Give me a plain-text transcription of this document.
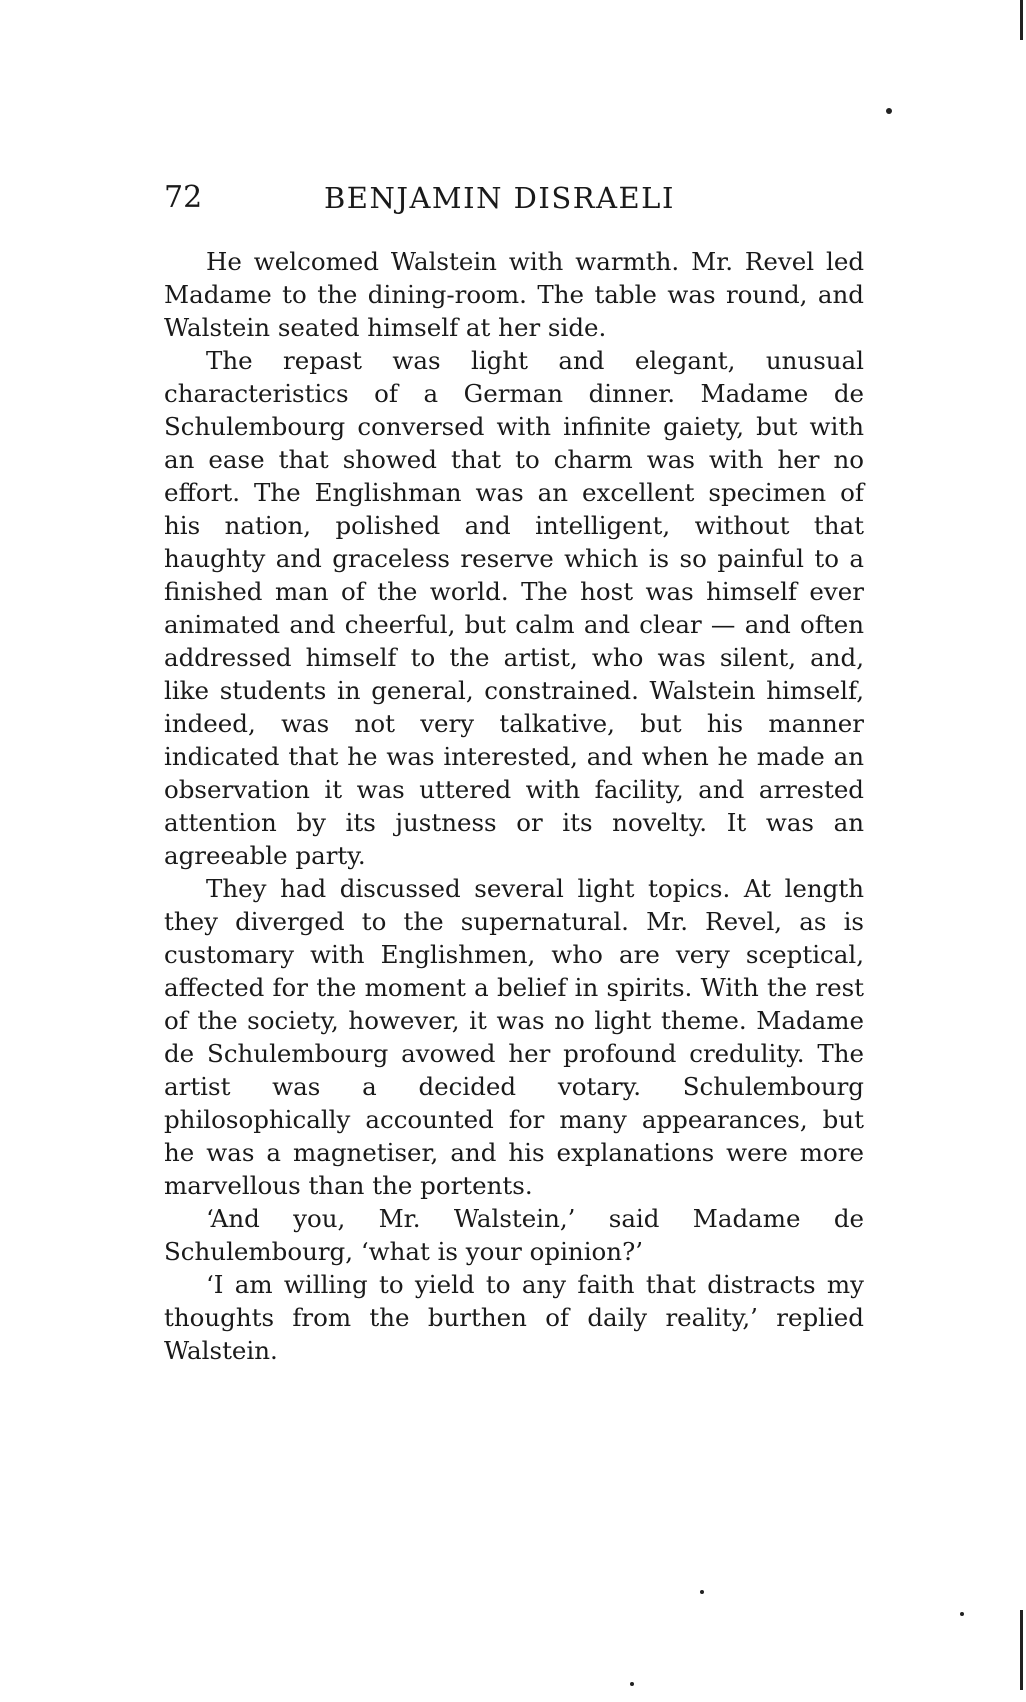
72	BENJAMIN DISRAELI

He welcomed Walstein with warmth. Mr. Revel led Madame to the dining-room. The table was round, and Walstein seated himself at her side.

The repast was light and elegant, unusual characteristics of a German dinner. Madame de Schulembourg conversed with infinite gaiety, but with an ease that showed that to charm was with her no effort. The Englishman was an excellent specimen of his nation, polished and intelligent, without that haughty and graceless reserve which is so painful to a finished man of the world. The host was himself ever animated and cheerful, but calm and clear — and often addressed himself to the artist, who was silent, and, like students in general, constrained. Walstein himself, indeed, was not very talkative, but his manner indicated that he was interested, and when he made an observation it was uttered with facility, and arrested attention by its justness or its novelty. It was an agreeable party.

They had discussed several light topics. At length they diverged to the supernatural. Mr. Revel, as is customary with Englishmen, who are very sceptical, affected for the moment a belief in spirits. With the rest of the society, however, it was no light theme. Madame de Schulembourg avowed her profound credulity. The artist was a decided votary. Schulembourg philosophically accounted for many appearances, but he was a magnetiser, and his explanations were more marvellous than the portents.

‘And you, Mr. Walstein,’ said Madame de Schulembourg, ‘what is your opinion?’

‘I am willing to yield to any faith that distracts my thoughts from the burthen of daily reality,’ replied Walstein.
